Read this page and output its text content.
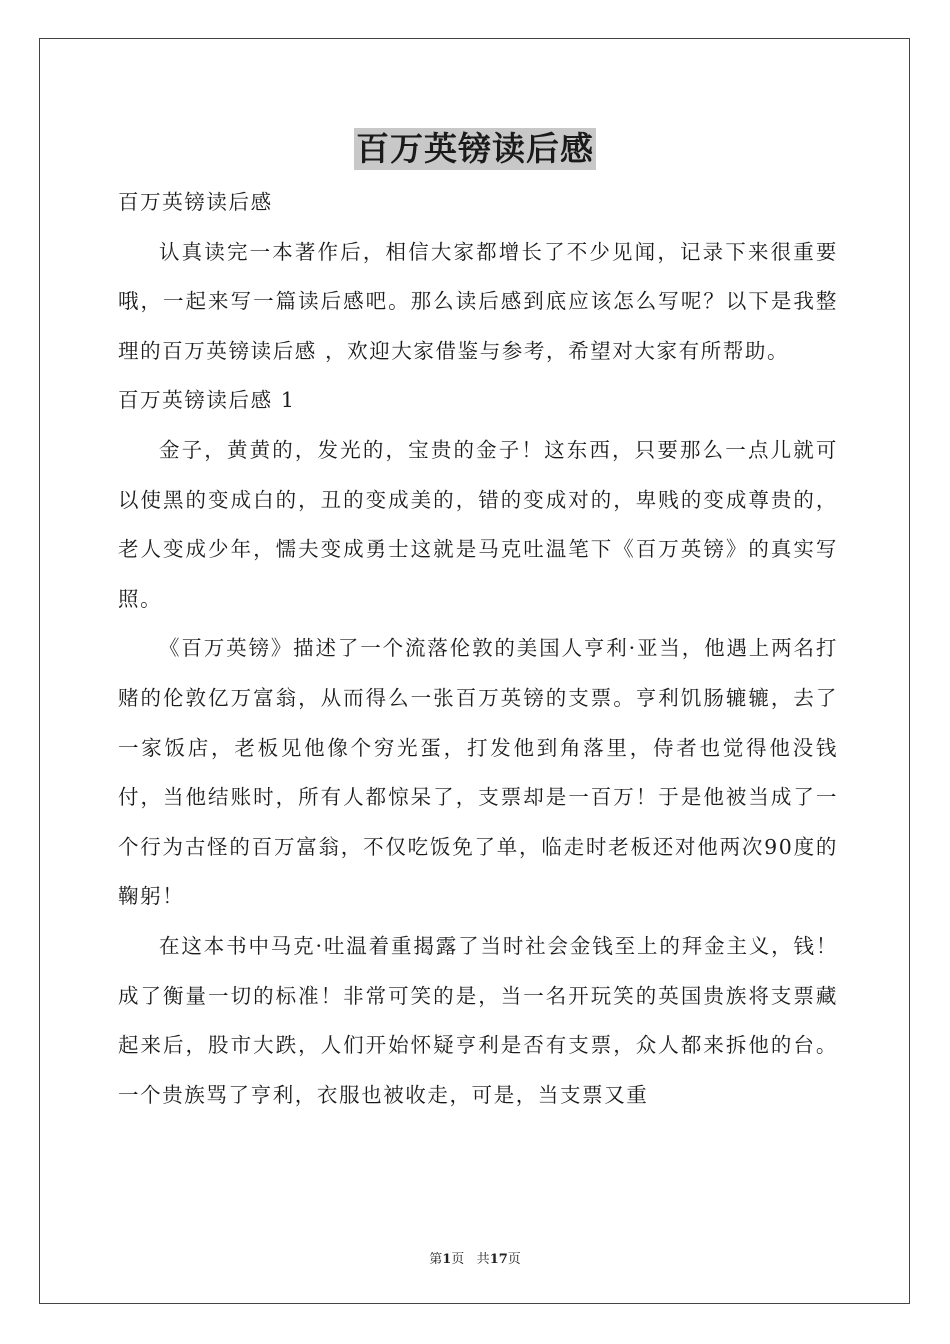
百万英镑读后感

百万英镑读后感

认真读完一本著作后，相信大家都增长了不少见闻，记录下来很重要哦，一起来写一篇读后感吧。那么读后感到底应该怎么写呢？以下是我整理的百万英镑读后感 ，欢迎大家借鉴与参考，希望对大家有所帮助。

百万英镑读后感 1

金子，黄黄的，发光的，宝贵的金子！这东西，只要那么一点儿就可以使黑的变成白的，丑的变成美的，错的变成对的，卑贱的变成尊贵的，老人变成少年，懦夫变成勇士这就是马克吐温笔下《百万英镑》的真实写照。

《百万英镑》描述了一个流落伦敦的美国人亨利·亚当，他遇上两名打赌的伦敦亿万富翁，从而得么一张百万英镑的支票。亨利饥肠辘辘，去了一家饭店，老板见他像个穷光蛋，打发他到角落里，侍者也觉得他没钱付，当他结账时，所有人都惊呆了，支票却是一百万！于是他被当成了一个行为古怪的百万富翁，不仅吃饭免了单，临走时老板还对他两次90度的鞠躬！

在这本书中马克·吐温着重揭露了当时社会金钱至上的拜金主义，钱！成了衡量一切的标准！非常可笑的是，当一名开玩笑的英国贵族将支票藏起来后，股市大跌，人们开始怀疑亨利是否有支票，众人都来拆他的台。一个贵族骂了亨利，衣服也被收走，可是，当支票又重

第1页 共17页
